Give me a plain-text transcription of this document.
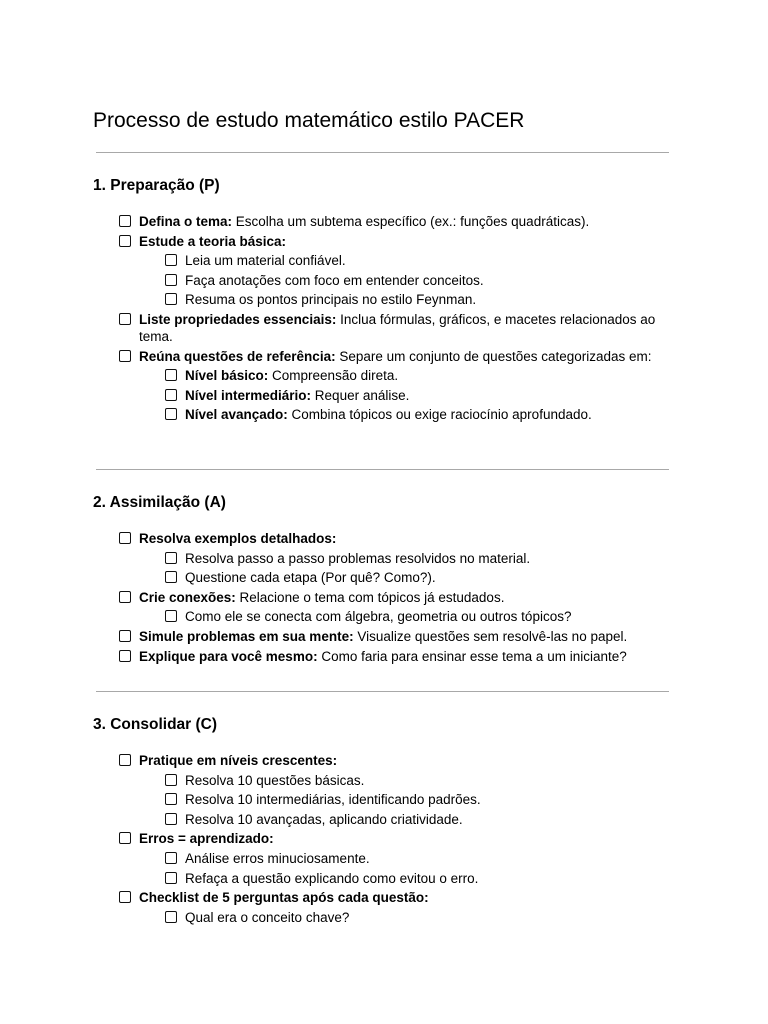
Processo de estudo matemático estilo PACER
1. Preparação (P)
Defina o tema: Escolha um subtema específico (ex.: funções quadráticas).
Estude a teoria básica:
Leia um material confiável.
Faça anotações com foco em entender conceitos.
Resuma os pontos principais no estilo Feynman.
Liste propriedades essenciais: Inclua fórmulas, gráficos, e macetes relacionados ao tema.
Reúna questões de referência: Separe um conjunto de questões categorizadas em:
Nível básico: Compreensão direta.
Nível intermediário: Requer análise.
Nível avançado: Combina tópicos ou exige raciocínio aprofundado.
2. Assimilação (A)
Resolva exemplos detalhados:
Resolva passo a passo problemas resolvidos no material.
Questione cada etapa (Por quê? Como?).
Crie conexões: Relacione o tema com tópicos já estudados.
Como ele se conecta com álgebra, geometria ou outros tópicos?
Simule problemas em sua mente: Visualize questões sem resolvê-las no papel.
Explique para você mesmo: Como faria para ensinar esse tema a um iniciante?
3. Consolidar (C)
Pratique em níveis crescentes:
Resolva 10 questões básicas.
Resolva 10 intermediárias, identificando padrões.
Resolva 10 avançadas, aplicando criatividade.
Erros = aprendizado:
Análise erros minuciosamente.
Refaça a questão explicando como evitou o erro.
Checklist de 5 perguntas após cada questão:
Qual era o conceito chave?
